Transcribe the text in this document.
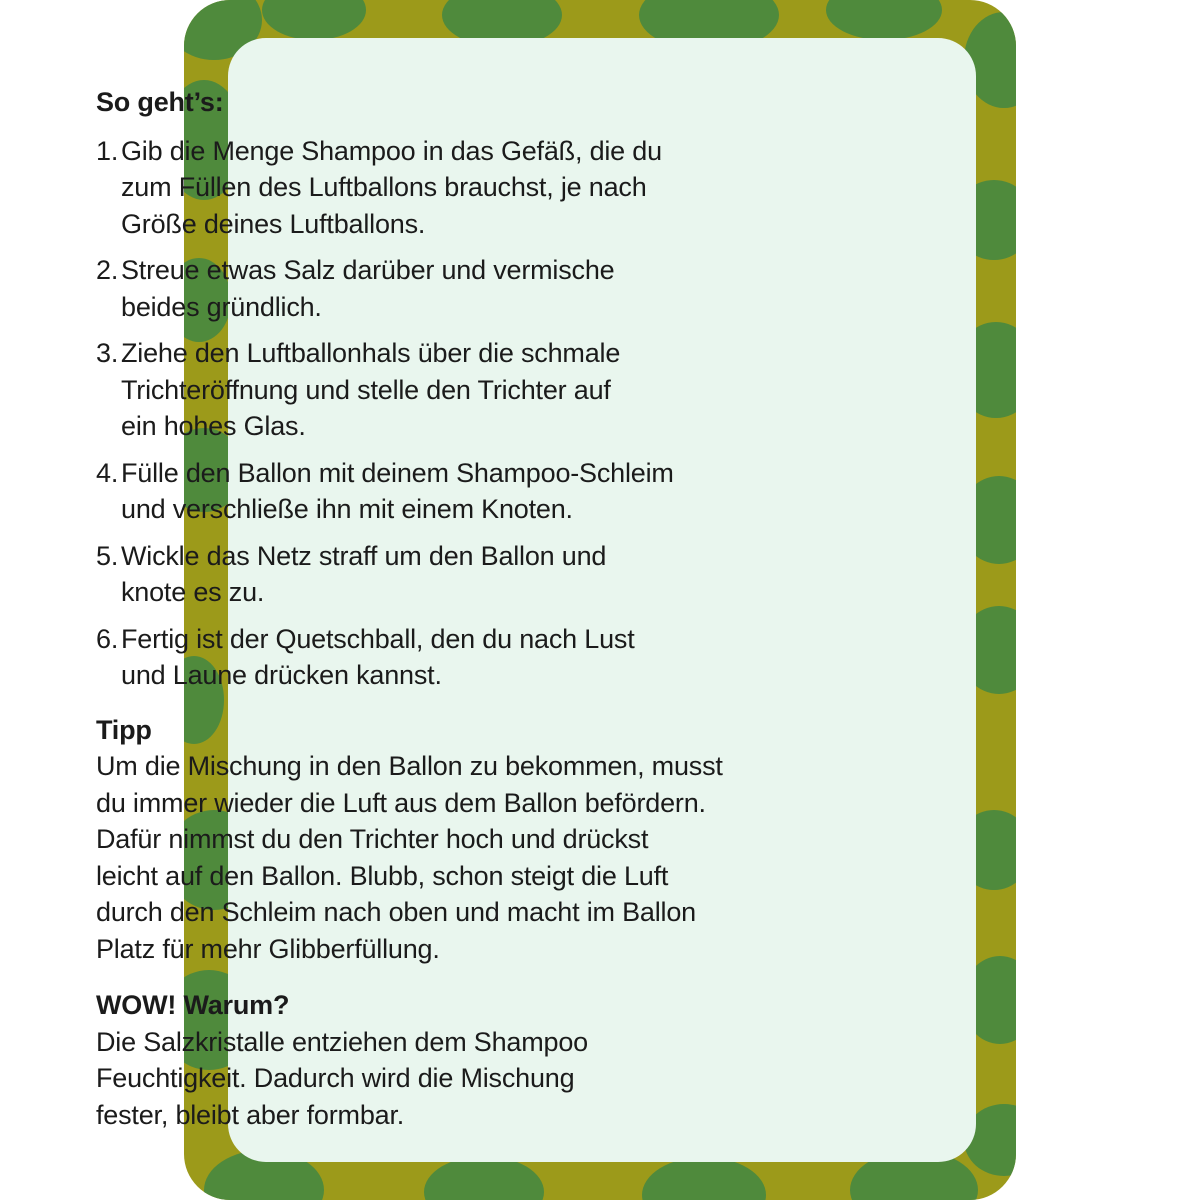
So geht’s:

1. Gib die Menge Shampoo in das Gefäß, die du
zum Füllen des Luftballons brauchst, je nach
Größe deines Luftballons.
2. Streue etwas Salz darüber und vermische
beides gründlich.
3. Ziehe den Luftballonhals über die schmale
Trichteröffnung und stelle den Trichter auf
ein hohes Glas.
4. Fülle den Ballon mit deinem Shampoo-Schleim
und verschließe ihn mit einem Knoten.
5. Wickle das Netz straff um den Ballon und
knote es zu.
6. Fertig ist der Quetschball, den du nach Lust
und Laune drücken kannst.

Tipp

Um die Mischung in den Ballon zu bekommen, musst
du immer wieder die Luft aus dem Ballon befördern.
Dafür nimmst du den Trichter hoch und drückst
leicht auf den Ballon. Blubb, schon steigt die Luft
durch den Schleim nach oben und macht im Ballon
Platz für mehr Glibberfüllung.

WOW! Warum?

Die Salzkristalle entziehen dem Shampoo
Feuchtigkeit. Dadurch wird die Mischung
fester, bleibt aber formbar.
